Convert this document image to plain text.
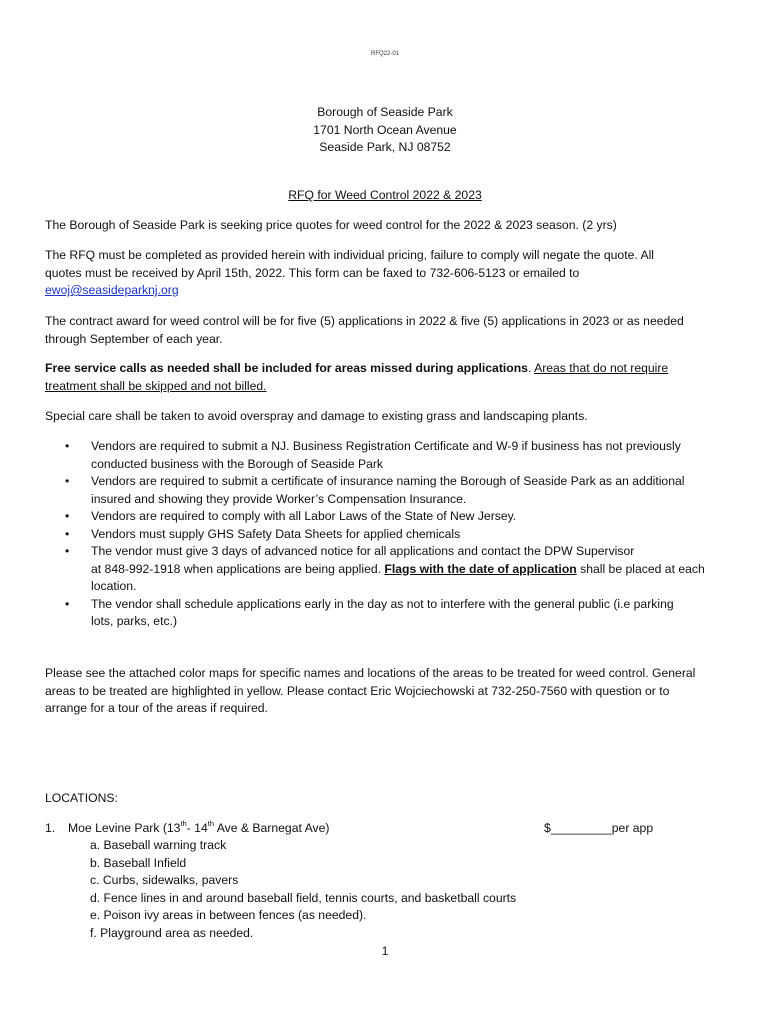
RFQ22-01
Borough of Seaside Park
1701 North Ocean Avenue
Seaside Park, NJ 08752
RFQ for Weed Control 2022 & 2023
The Borough of Seaside Park is seeking price quotes for weed control for the 2022 & 2023 season. (2 yrs)
The RFQ must be completed as provided herein with individual pricing, failure to comply will negate the quote. All
quotes must be received by April 15th, 2022. This form can be faxed to 732-606-5123 or emailed to
ewoj@seasideparknj.org
The contract award for weed control will be for five (5) applications in 2022 & five (5) applications in 2023 or as needed
through September of each year.
Free service calls as needed shall be included for areas missed during applications. Areas that do not require
treatment shall be skipped and not billed.
Special care shall be taken to avoid overspray and damage to existing grass and landscaping plants.
• Vendors are required to submit a NJ. Business Registration Certificate and W-9 if business has not previously
conducted business with the Borough of Seaside Park
• Vendors are required to submit a certificate of insurance naming the Borough of Seaside Park as an additional
insured and showing they provide Worker’s Compensation Insurance.
• Vendors are required to comply with all Labor Laws of the State of New Jersey.
• Vendors must supply GHS Safety Data Sheets for applied chemicals
• The vendor must give 3 days of advanced notice for all applications and contact the DPW Supervisor
at 848-992-1918 when applications are being applied. Flags with the date of application shall be placed at each
location.
• The vendor shall schedule applications early in the day as not to interfere with the general public (i.e parking
lots, parks, etc.)
Please see the attached color maps for specific names and locations of the areas to be treated for weed control. General
areas to be treated are highlighted in yellow. Please contact Eric Wojciechowski at 732-250-7560 with question or to
arrange for a tour of the areas if required.
LOCATIONS:
1. Moe Levine Park (13th- 14th Ave & Barnegat Ave)	$_________per app
a. Baseball warning track
b. Baseball Infield
c. Curbs, sidewalks, pavers
d. Fence lines in and around baseball field, tennis courts, and basketball courts
e. Poison ivy areas in between fences (as needed).
f. Playground area as needed.
1
